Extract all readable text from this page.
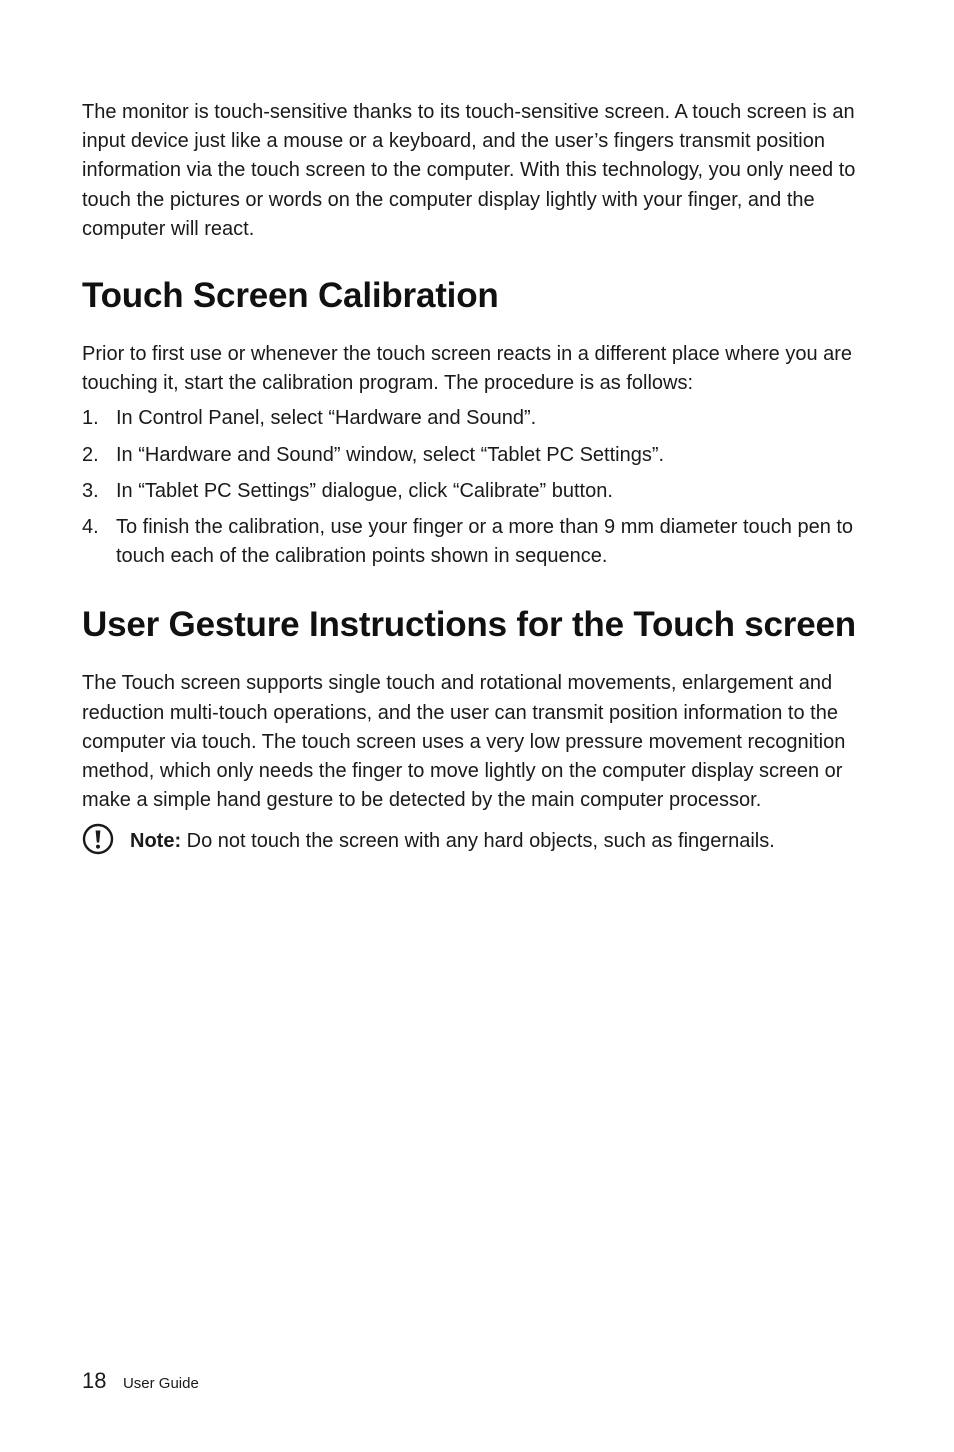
The monitor is touch-sensitive thanks to its touch-sensitive screen. A touch screen is an input device just like a mouse or a keyboard, and the user’s fingers transmit position information via the touch screen to the computer. With this technology, you only need to touch the pictures or words on the computer display lightly with your finger, and the computer will react.

Touch Screen Calibration

Prior to first use or whenever the touch screen reacts in a different place where you are touching it, start the calibration program. The procedure is as follows:

1. In Control Panel, select “Hardware and Sound”.
2. In “Hardware and Sound” window, select “Tablet PC Settings”.
3. In “Tablet PC Settings” dialogue, click “Calibrate” button.
4. To finish the calibration, use your finger or a more than 9 mm diameter touch pen to touch each of the calibration points shown in sequence.
User Gesture Instructions for the Touch screen

The Touch screen supports single touch and rotational movements, enlargement and reduction multi-touch operations, and the user can transmit position information to the computer via touch. The touch screen uses a very low pressure movement recognition method, which only needs the finger to move lightly on the computer display screen or make a simple hand gesture to be detected by the main computer processor.

Note: Do not touch the screen with any hard objects, such as fingernails.
18 User Guide
